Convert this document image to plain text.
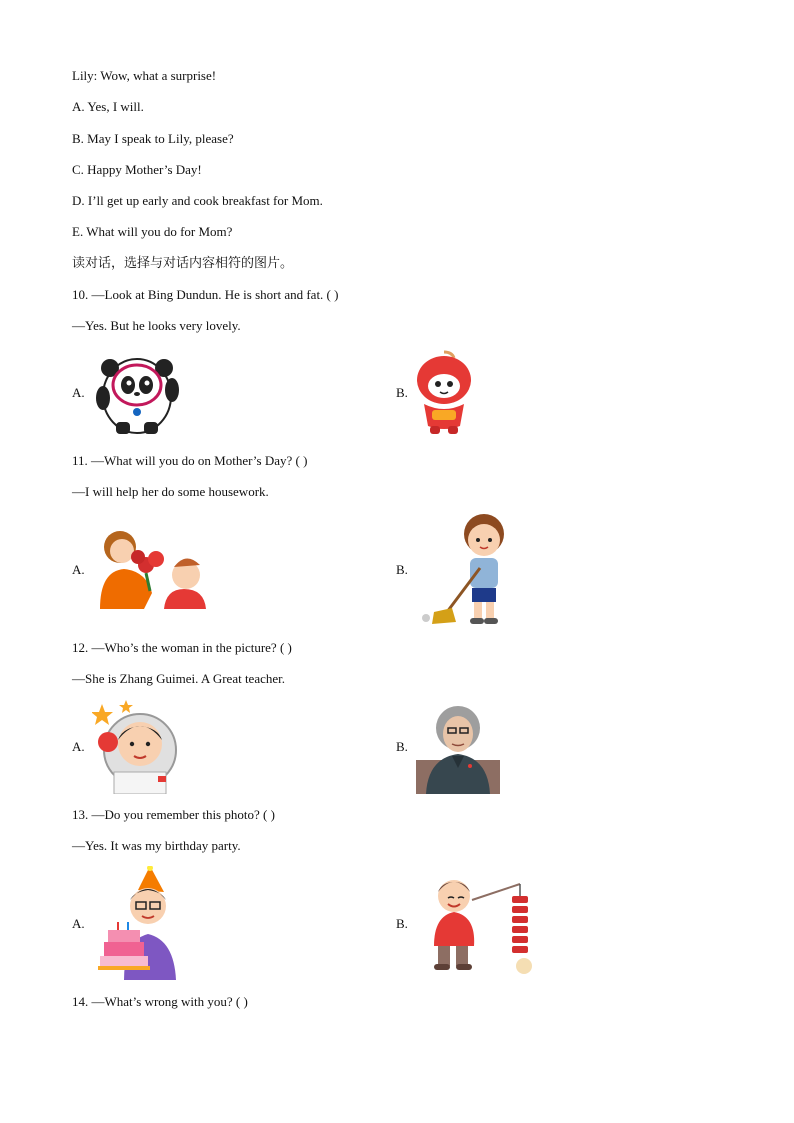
Lily: Wow, what a surprise!
A. Yes, I will.
B. May I speak to Lily, please?
C. Happy Mother’s Day!
D. I’ll get up early and cook breakfast for Mom.
E. What will you do for Mom?
读对话，选择与对话内容相符的图片。
10. —Look at Bing Dundun. He is short and fat. ( )
—Yes. But he looks very lovely.
A.	B.
11. —What will you do on Mother’s Day? ( )
—I will help her do some housework.
A.	B.
12. —Who’s the woman in the picture? ( )
—She is Zhang Guimei. A Great teacher.
A.	B.
13. —Do you remember this photo? ( )
—Yes. It was my birthday party.
A.	B.
14. —What’s wrong with you? ( )
